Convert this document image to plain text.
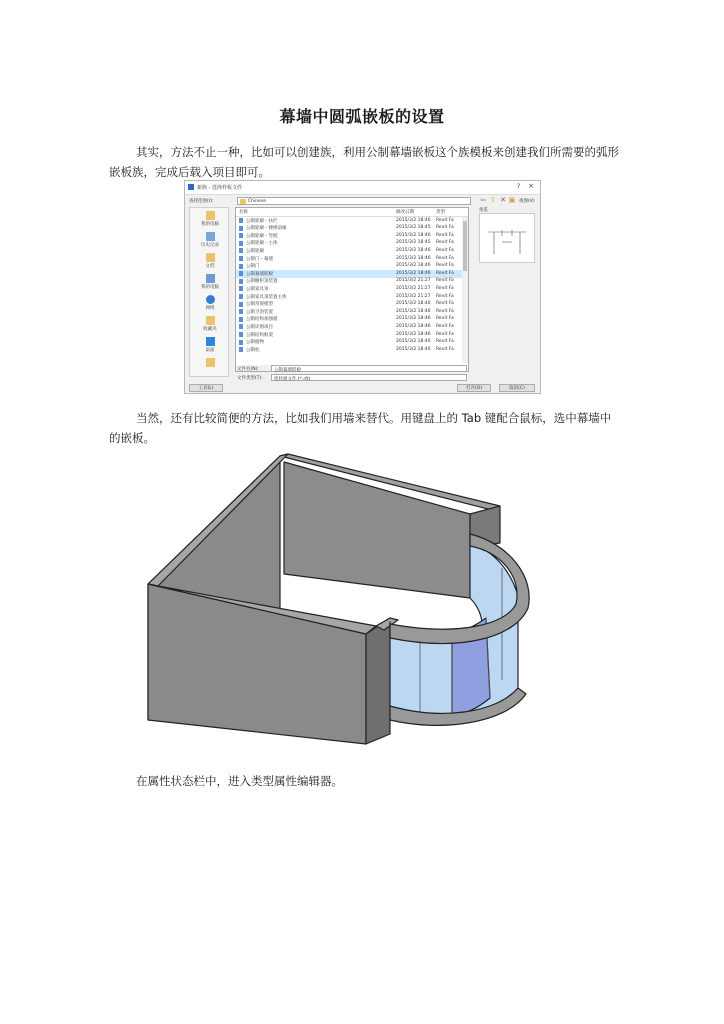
幕墙中圆弧嵌板的设置

其实，方法不止一种，比如可以创建族，利用公制幕墙嵌板这个族模板来创建我们所需要的弧形嵌板族，完成后载入项目即可。

新族 - 选择样板文件	? ×
查找范围(I):	Chinese	⇦ ⇧ ✕ ▣ 视图(V)
预览
我的电脑
历史记录
文档
我的电脑
网络
收藏夹
桌面
名称	修改日期	类型
公制轮廓 - 扶栏	2015/3/2 18:46 Revit Fa
公制轮廓 - 楼梯前缘	2015/3/2 18:45 Revit Fa
公制轮廓 - 竖梃	2015/3/2 18:46 Revit Fa
公制轮廓 - 主体	2015/3/2 18:45 Revit Fa
公制轮廓	2015/3/2 18:46 Revit Fa
公制门 - 幕墙	2015/3/2 18:46 Revit Fa
公制门	2015/3/2 18:46 Revit Fa
公制幕墙嵌板	2015/3/2 18:46 Revit Fa
公制橱柜顶装置	2015/3/2 21:27 Revit Fa
公制家具顶	2015/3/2 21:27 Revit Fa
公制家具顶装置主体	2015/3/2 21:27 Revit Fa
公制常规模型	2015/3/2 18:46 Revit Fa
公制卫浴装置	2015/3/2 18:46 Revit Fa
公制结构加强板	2015/3/2 18:46 Revit Fa
公制详图项目	2015/3/2 18:46 Revit Fa
公制结构框架	2015/3/2 18:46 Revit Fa
公制植物	2015/3/2 18:46 Revit Fa
公制柱	2015/3/2 18:46 Revit Fa
文件名(N):	公制幕墙嵌板
文件类型(T): 族样板文件 (*.rft)
工具(L)	打开(O)	取消(C)

当然，还有比较简便的方法，比如我们用墙来替代。用键盘上的 Tab 键配合鼠标，选中幕墙中的嵌板。

在属性状态栏中，进入类型属性编辑器。
